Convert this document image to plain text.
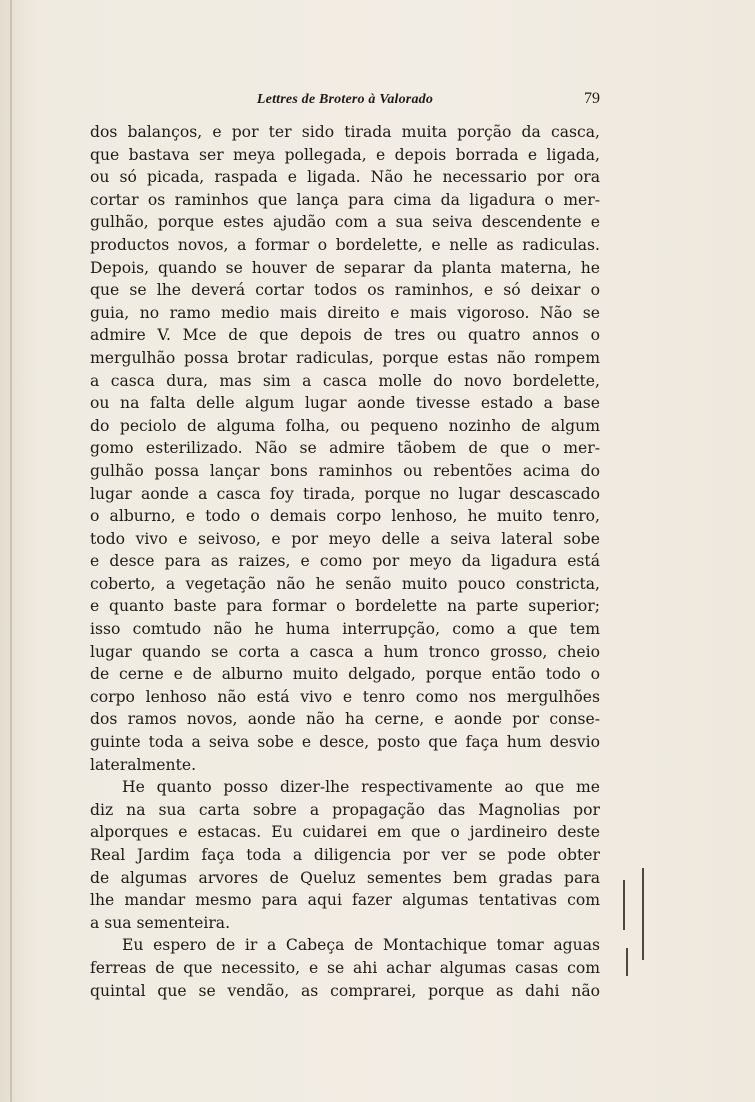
Lettres de Brotero à Valorado	79
dos balanços, e por ter sido tirada muita porção da casca,
que bastava ser meya pollegada, e depois borrada e ligada,
ou só picada, raspada e ligada. Não he necessario por ora
cortar os raminhos que lança para cima da ligadura o mer-
gulhão, porque estes ajudão com a sua seiva descendente e
productos novos, a formar o bordelette, e nelle as radiculas.
Depois, quando se houver de separar da planta materna, he
que se lhe deverá cortar todos os raminhos, e só deixar o
guia, no ramo medio mais direito e mais vigoroso. Não se
admire V. Mce de que depois de tres ou quatro annos o
mergulhão possa brotar radiculas, porque estas não rompem
a casca dura, mas sim a casca molle do novo bordelette,
ou na falta delle algum lugar aonde tivesse estado a base
do peciolo de alguma folha, ou pequeno nozinho de algum
gomo esterilizado. Não se admire tãobem de que o mer-
gulhão possa lançar bons raminhos ou rebentões acima do
lugar aonde a casca foy tirada, porque no lugar descascado
o alburno, e todo o demais corpo lenhoso, he muito tenro,
todo vivo e seivoso, e por meyo delle a seiva lateral sobe
e desce para as raizes, e como por meyo da ligadura está
coberto, a vegetação não he senão muito pouco constricta,
e quanto baste para formar o bordelette na parte superior;
isso comtudo não he huma interrupção, como a que tem
lugar quando se corta a casca a hum tronco grosso, cheio
de cerne e de alburno muito delgado, porque então todo o
corpo lenhoso não está vivo e tenro como nos mergulhões
dos ramos novos, aonde não ha cerne, e aonde por conse-
guinte toda a seiva sobe e desce, posto que faça hum desvio
lateralmente.
He quanto posso dizer-lhe respectivamente ao que me
diz na sua carta sobre a propagação das Magnolias por
alporques e estacas. Eu cuidarei em que o jardineiro deste
Real Jardim faça toda a diligencia por ver se pode obter
de algumas arvores de Queluz sementes bem gradas para
lhe mandar mesmo para aqui fazer algumas tentativas com
a sua sementeira.
Eu espero de ir a Cabeça de Montachique tomar aguas
ferreas de que necessito, e se ahi achar algumas casas com
quintal que se vendão, as comprarei, porque as dahi não
